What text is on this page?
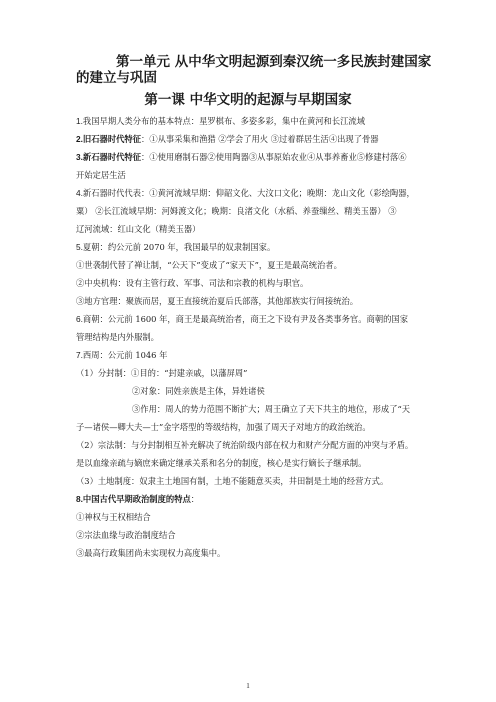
第一单元 从中华文明起源到秦汉统一多民族封建国家
的建立与巩固
第一课 中华文明的起源与早期国家

1.我国早期人类分布的基本特点：星罗棋布、多姿多彩，集中在黄河和长江流域

2.旧石器时代特征：①从事采集和渔猎 ②学会了用火 ③过着群居生活④出现了骨器

3.新石器时代特征：①使用磨制石器②使用陶器③从事原始农业④从事养畜业⑤修建村落⑥

开始定居生活

4.新石器时代代表：①黄河流域早期：仰韶文化、大汶口文化；晚期：龙山文化（彩绘陶器，

粟） ②长江流域早期：河姆渡文化；晚期：良渚文化（水稻、养蚕缫丝、精美玉器） ③

辽河流域：红山文化（精美玉器）

5.夏朝：约公元前 2070 年，我国最早的奴隶制国家。

①世袭制代替了禅让制，“公天下”变成了“家天下”，夏王是最高统治者。

②中央机构：设有主管行政、军事、司法和宗教的机构与职官。

③地方官理：聚族而居，夏王直接统治夏后氏部落，其他部族实行间接统治。

6.商朝：公元前 1600 年，商王是最高统治者，商王之下设有尹及各类事务官。商朝的国家

管理结构是内外服制。

7.西周：公元前 1046 年

（1）分封制：①目的：“封建亲戚，以藩屏周”

②对象：同姓亲族是主体，异姓诸侯

③作用：周人的势力范围不断扩大；周王确立了天下共主的地位，形成了“天

子—诸侯—卿大夫—士”金字塔型的等级结构，加强了周天子对地方的政治统治。

（2）宗法制：与分封制相互补充解决了统治阶级内部在权力和财产分配方面的冲突与矛盾。

是以血缘亲疏与嫡庶来确定继承关系和名分的制度，核心是实行嫡长子继承制。

（3）土地制度：奴隶主土地国有制，土地不能随意买卖，井田制是土地的经营方式。

8.中国古代早期政治制度的特点：

①神权与王权相结合

②宗法血缘与政治制度结合

③最高行政集团尚未实现权力高度集中。

1
